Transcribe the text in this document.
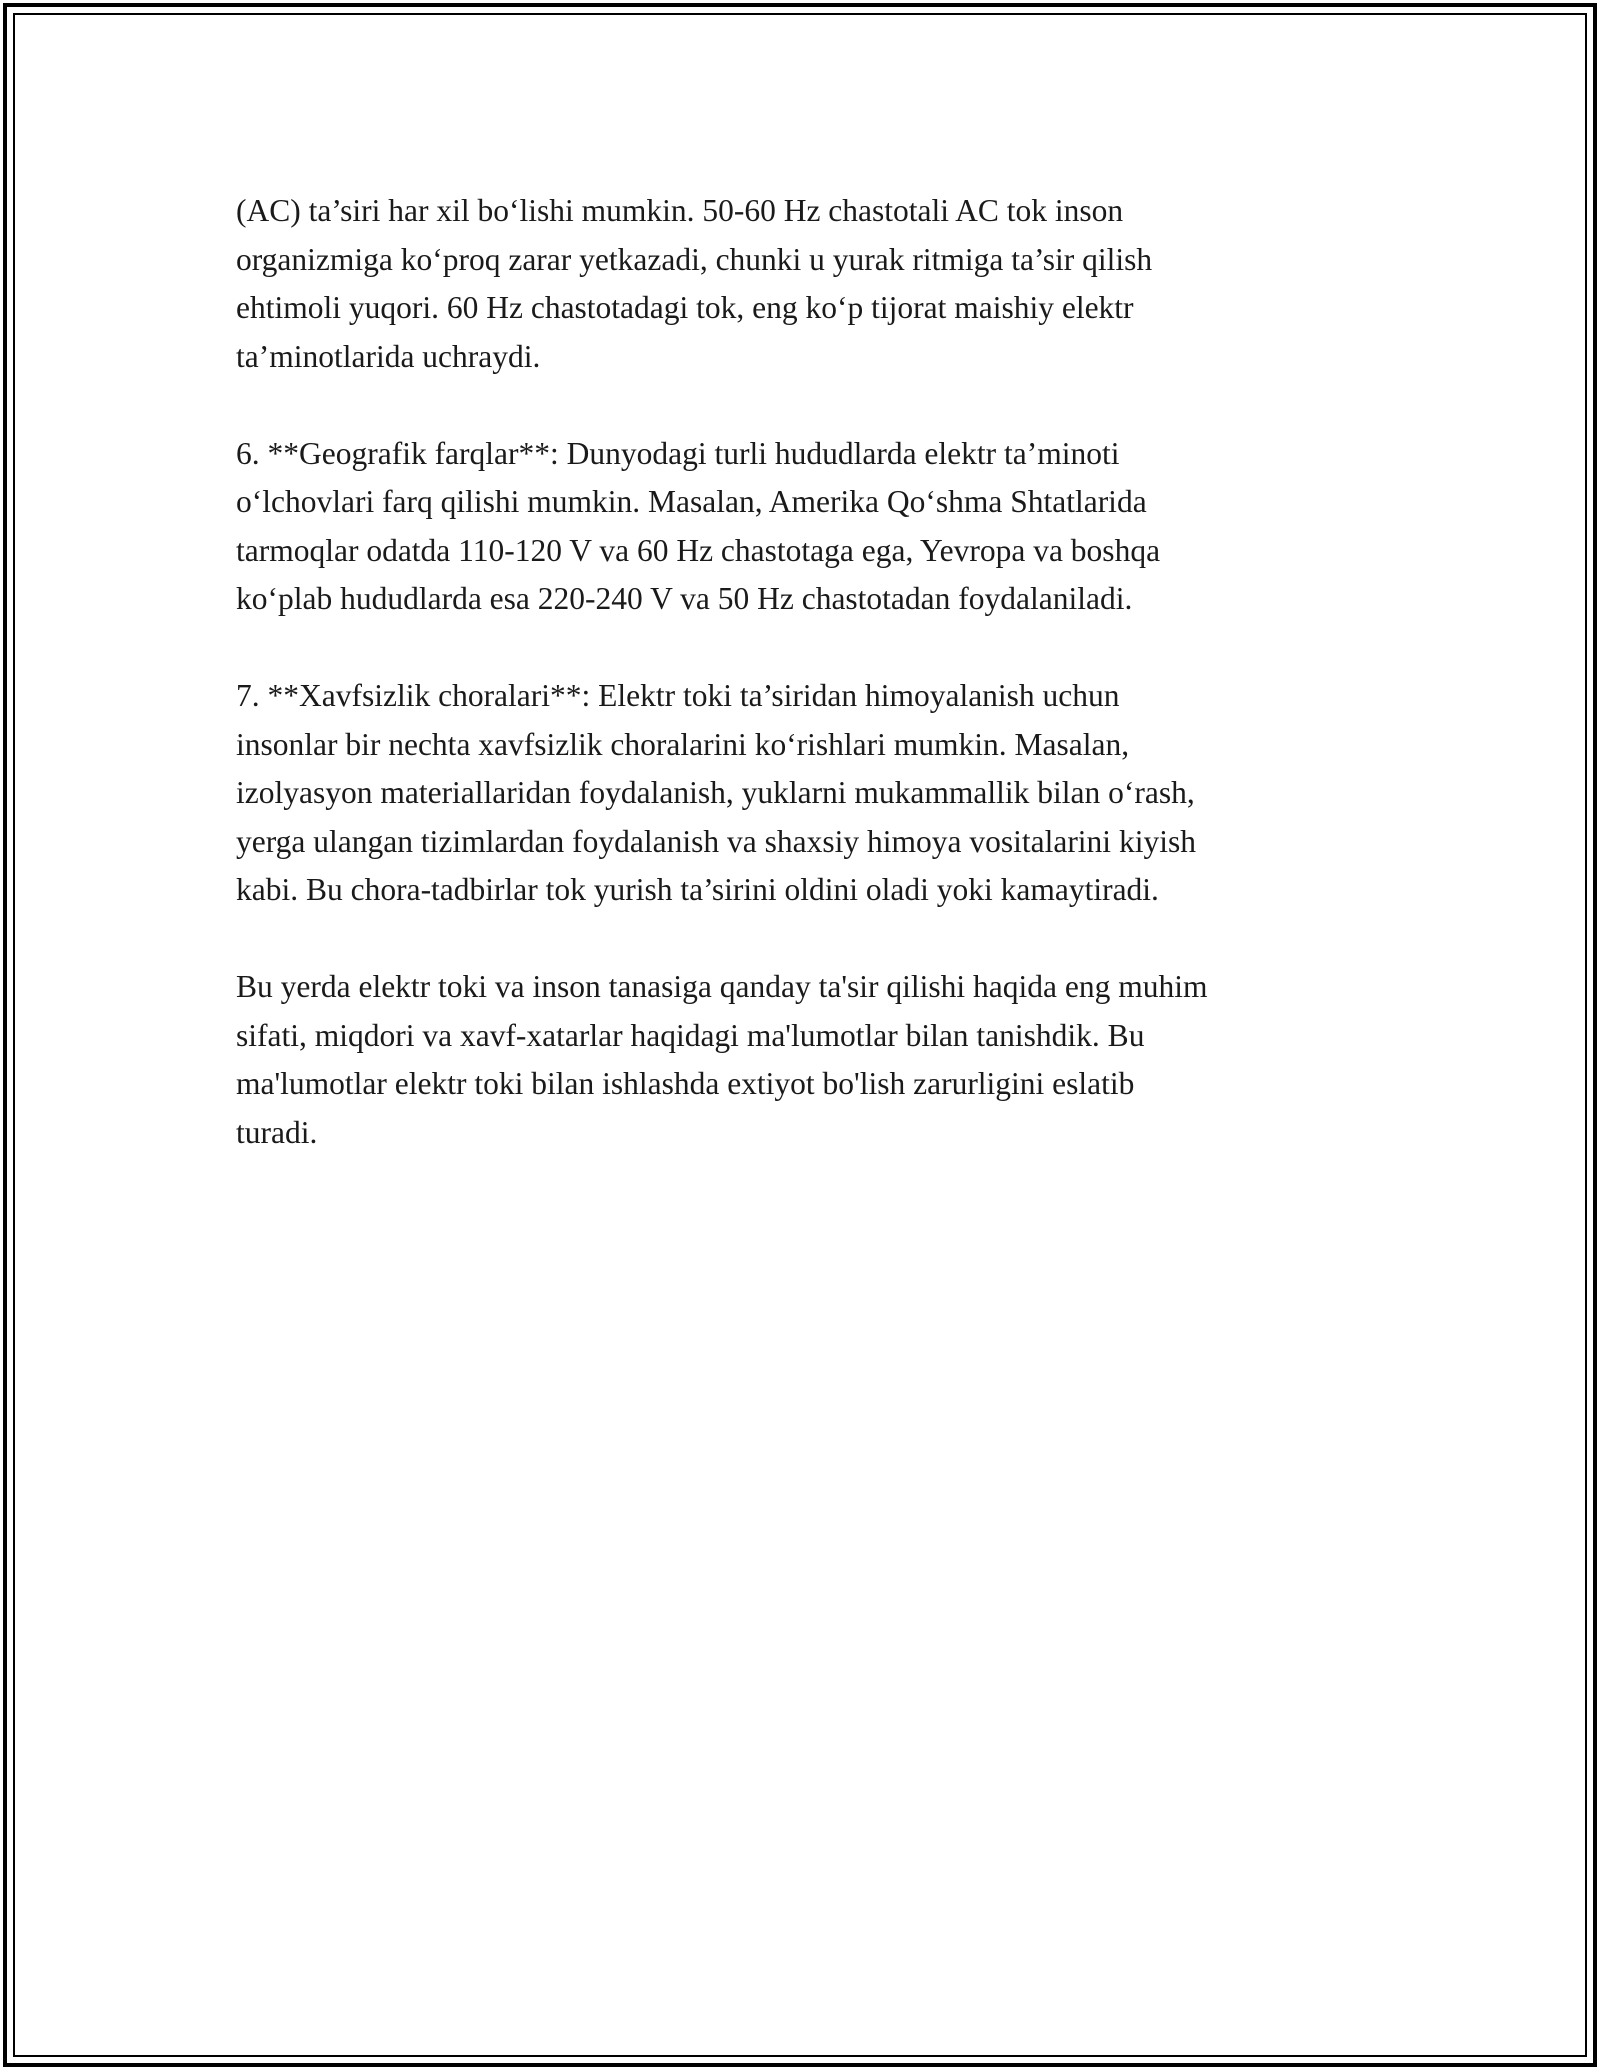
(AC) ta’siri har xil bo‘lishi mumkin. 50-60 Hz chastotali AC tok inson
organizmiga ko‘proq zarar yetkazadi, chunki u yurak ritmiga ta’sir qilish
ehtimoli yuqori. 60 Hz chastotadagi tok, eng ko‘p tijorat maishiy elektr
ta’minotlarida uchraydi.

6. **Geografik farqlar**: Dunyodagi turli hududlarda elektr ta’minoti
o‘lchovlari farq qilishi mumkin. Masalan, Amerika Qo‘shma Shtatlarida
tarmoqlar odatda 110-120 V va 60 Hz chastotaga ega, Yevropa va boshqa
ko‘plab hududlarda esa 220-240 V va 50 Hz chastotadan foydalaniladi.

7. **Xavfsizlik choralari**: Elektr toki ta’siridan himoyalanish uchun
insonlar bir nechta xavfsizlik choralarini ko‘rishlari mumkin. Masalan,
izolyasyon materiallaridan foydalanish, yuklarni mukammallik bilan o‘rash,
yerga ulangan tizimlardan foydalanish va shaxsiy himoya vositalarini kiyish
kabi. Bu chora-tadbirlar tok yurish ta’sirini oldini oladi yoki kamaytiradi.

Bu yerda elektr toki va inson tanasiga qanday ta'sir qilishi haqida eng muhim
sifati, miqdori va xavf-xatarlar haqidagi ma'lumotlar bilan tanishdik. Bu
ma'lumotlar elektr toki bilan ishlashda extiyot bo'lish zarurligini eslatib
turadi.
